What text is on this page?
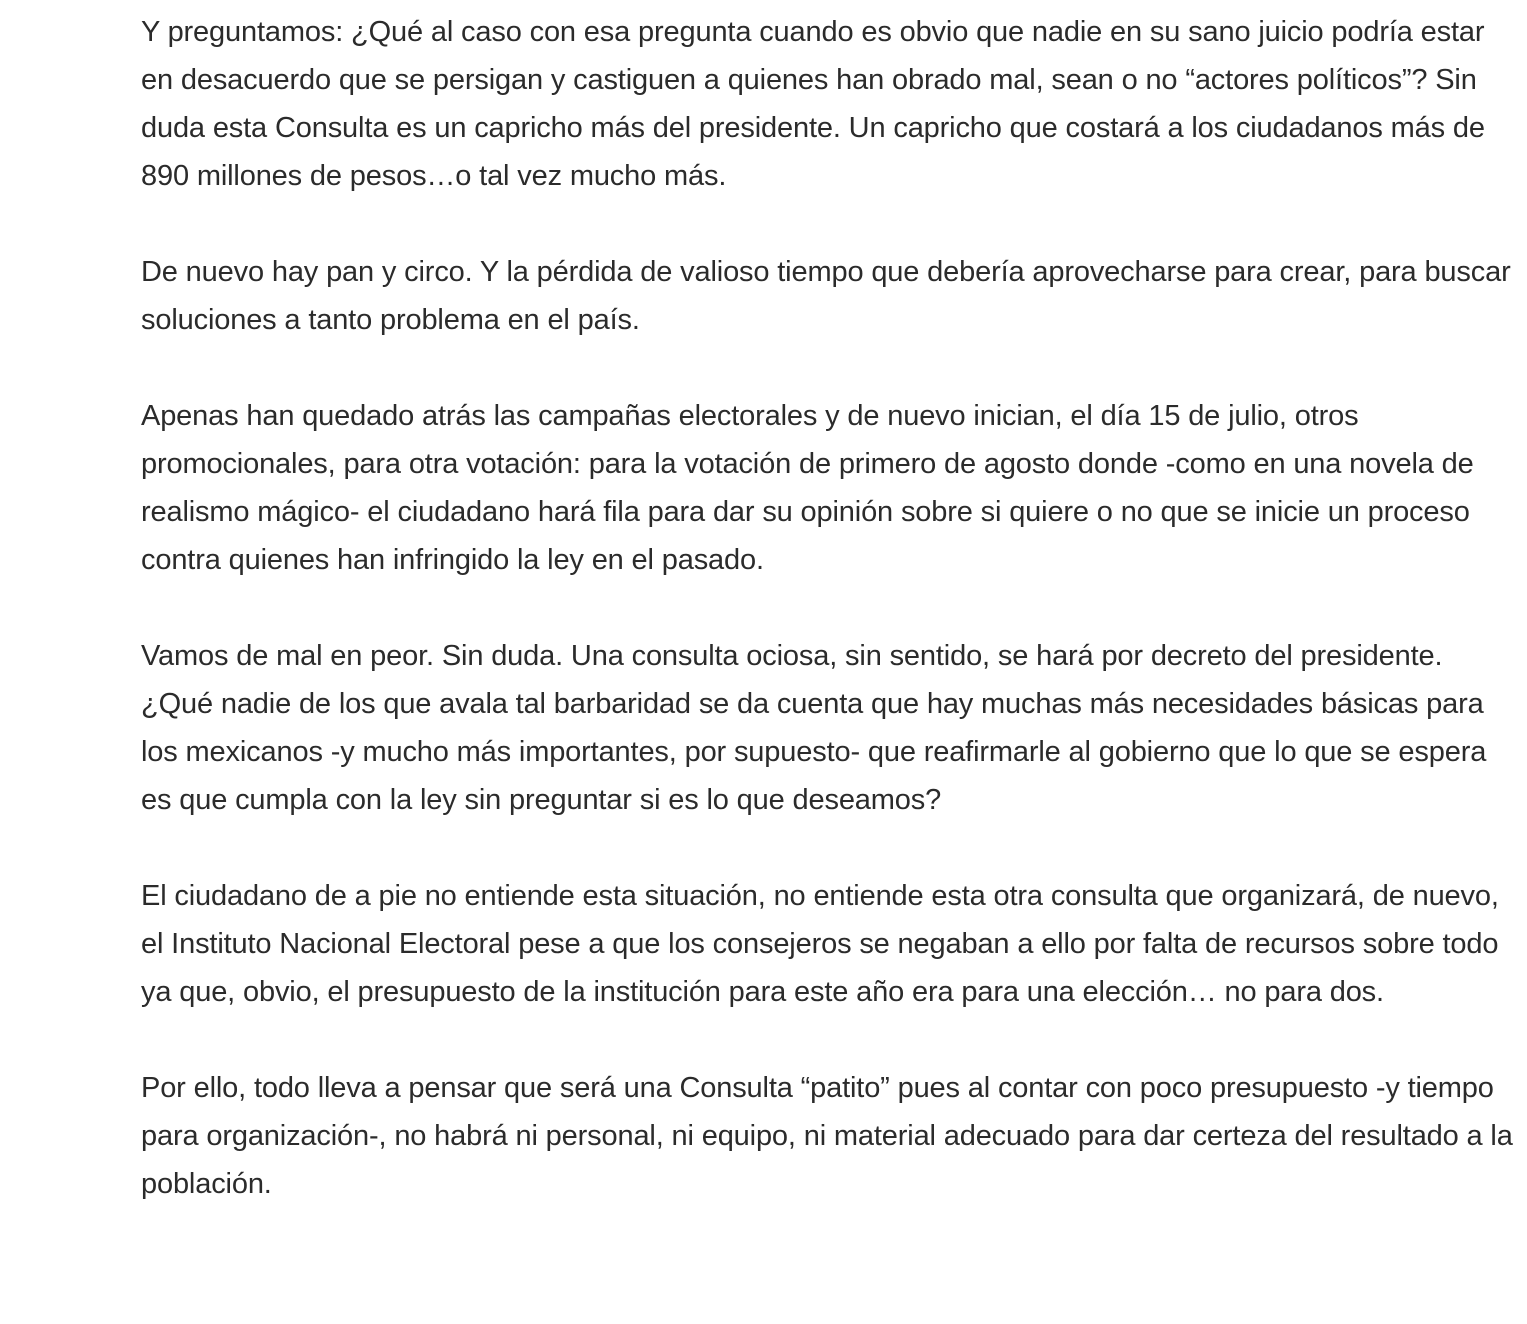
Y preguntamos: ¿Qué al caso con esa pregunta cuando es obvio que nadie en su sano juicio podría estar en desacuerdo que se persigan y castiguen a quienes han obrado mal, sean o no “actores políticos”? Sin duda esta Consulta es un capricho más del presidente. Un capricho que costará a los ciudadanos más de 890 millones de pesos…o tal vez mucho más.

De nuevo hay pan y circo. Y la pérdida de valioso tiempo que debería aprovecharse para crear, para buscar soluciones a tanto problema en el país.

Apenas han quedado atrás las campañas electorales y de nuevo inician, el día 15 de julio, otros promocionales, para otra votación: para la votación de primero de agosto donde -como en una novela de realismo mágico- el ciudadano hará fila para dar su opinión sobre si quiere o no que se inicie un proceso contra quienes han infringido la ley en el pasado.

Vamos de mal en peor. Sin duda. Una consulta ociosa, sin sentido, se hará por decreto del presidente. ¿Qué nadie de los que avala tal barbaridad se da cuenta que hay muchas más necesidades básicas para los mexicanos -y mucho más importantes, por supuesto- que reafirmarle al gobierno que lo que se espera es que cumpla con la ley sin preguntar si es lo que deseamos?

El ciudadano de a pie no entiende esta situación, no entiende esta otra consulta que organizará, de nuevo, el Instituto Nacional Electoral pese a que los consejeros se negaban a ello por falta de recursos sobre todo ya que, obvio, el presupuesto de la institución para este año era para una elección… no para dos.

Por ello, todo lleva a pensar que será una Consulta “patito” pues al contar con poco presupuesto -y tiempo para organización-, no habrá ni personal, ni equipo, ni material adecuado para dar certeza del resultado a la población.
